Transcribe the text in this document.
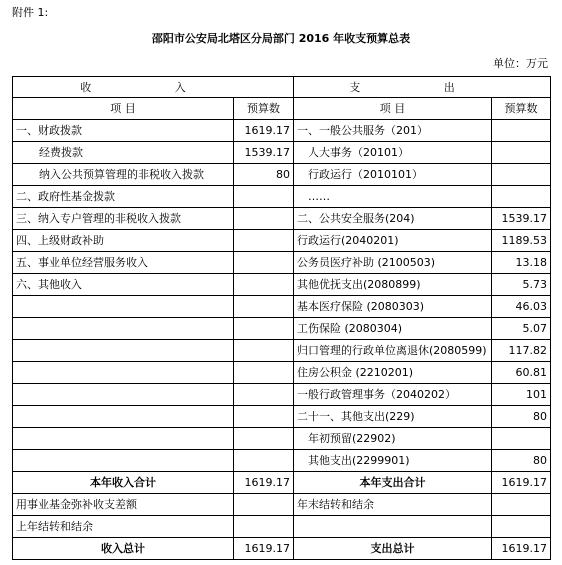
附件 1:
邵阳市公安局北塔区分局部门 2016 年收支预算总表
单位：万元
收 入		支 出	
项 目	预算数	项 目	预算数
一、财政拨款	1619.17	一、一般公共服务（201）	
经费拨款	1539.17	人大事务（20101）	
纳入公共预算管理的非税收入拨款	80	行政运行（2010101）	
二、政府性基金拨款		……	
三、纳入专户管理的非税收入拨款		二、公共安全服务(204)	1539.17
四、上级财政补助		行政运行(2040201)	1189.53
五、事业单位经营服务收入		公务员医疗补助 (2100503)	13.18
六、其他收入		其他优抚支出(2080899)	5.73
		基本医疗保险 (2080303)	46.03
		工伤保险 (2080304)	5.07
		归口管理的行政单位离退休(2080599)	117.82
		住房公积金 (2210201)	60.81
		一般行政管理事务（2040202）	101
		二十一、其他支出(229)	80
		年初预留(22902)	
		其他支出(2299901)	80
本年收入合计	1619.17	本年支出合计	1619.17
用事业基金弥补收支差额		年末结转和结余	
上年结转和结余			
收入总计	1619.17	支出总计	1619.17
